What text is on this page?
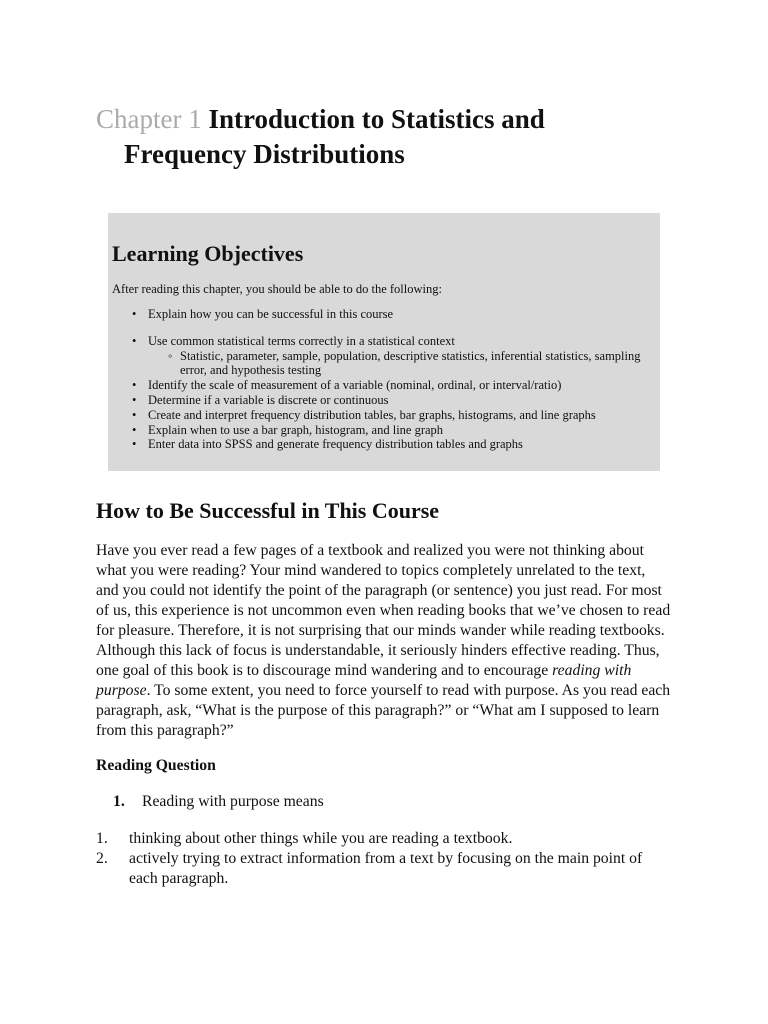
Chapter 1 Introduction to Statistics and
Frequency Distributions
Learning Objectives

After reading this chapter, you should be able to do the following:

• Explain how you can be successful in this course
• Use common statistical terms correctly in a statistical context
◦ Statistic, parameter, sample, population, descriptive statistics, inferential statistics, sampling error, and hypothesis testing
• Identify the scale of measurement of a variable (nominal, ordinal, or interval/ratio)
• Determine if a variable is discrete or continuous
• Create and interpret frequency distribution tables, bar graphs, histograms, and line graphs
• Explain when to use a bar graph, histogram, and line graph
• Enter data into SPSS and generate frequency distribution tables and graphs
How to Be Successful in This Course

Have you ever read a few pages of a textbook and realized you were not thinking about what you were reading? Your mind wandered to topics completely unrelated to the text, and you could not identify the point of the paragraph (or sentence) you just read. For most of us, this experience is not uncommon even when reading books that we’ve chosen to read for pleasure. Therefore, it is not surprising that our minds wander while reading textbooks. Although this lack of focus is understandable, it seriously hinders effective reading. Thus, one goal of this book is to discourage mind wandering and to encourage reading with purpose. To some extent, you need to force yourself to read with purpose. As you read each paragraph, ask, “What is the purpose of this paragraph?” or “What am I supposed to learn from this paragraph?”

Reading Question

1. Reading with purpose means

1. thinking about other things while you are reading a textbook.
2. actively trying to extract information from a text by focusing on the main point of each paragraph.
